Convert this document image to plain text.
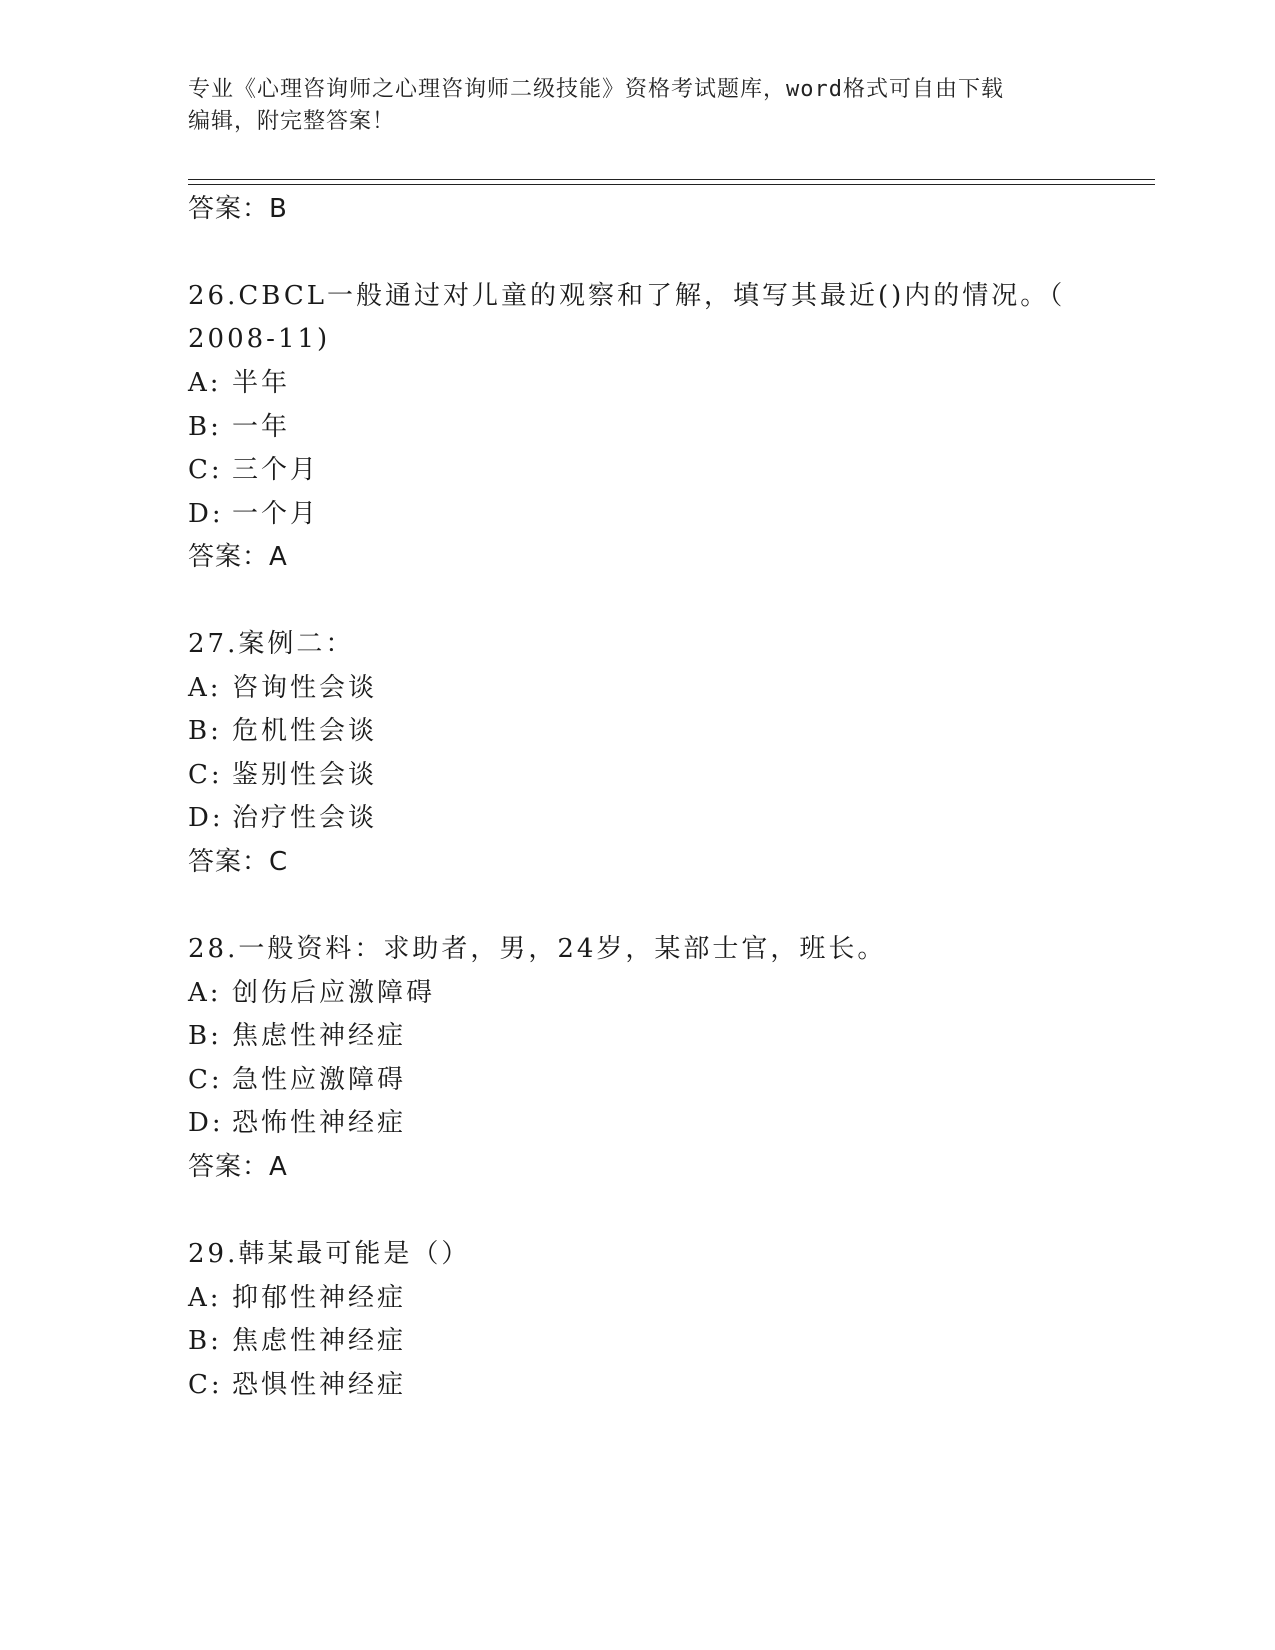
专业《心理咨询师之心理咨询师二级技能》资格考试题库，word格式可自由下载
编辑，附完整答案！
答案：B
26.CBCL一般通过对儿童的观察和了解，填写其最近()内的情况。（
2008-11)
A: 半年
B: 一年
C: 三个月
D: 一个月
答案：A
27.案例二：
A: 咨询性会谈
B: 危机性会谈
C: 鉴别性会谈
D: 治疗性会谈
答案：C
28.一般资料：求助者，男，24岁，某部士官，班长。
A: 创伤后应激障碍
B: 焦虑性神经症
C: 急性应激障碍
D: 恐怖性神经症
答案：A
29.韩某最可能是（）
A: 抑郁性神经症
B: 焦虑性神经症
C: 恐惧性神经症
